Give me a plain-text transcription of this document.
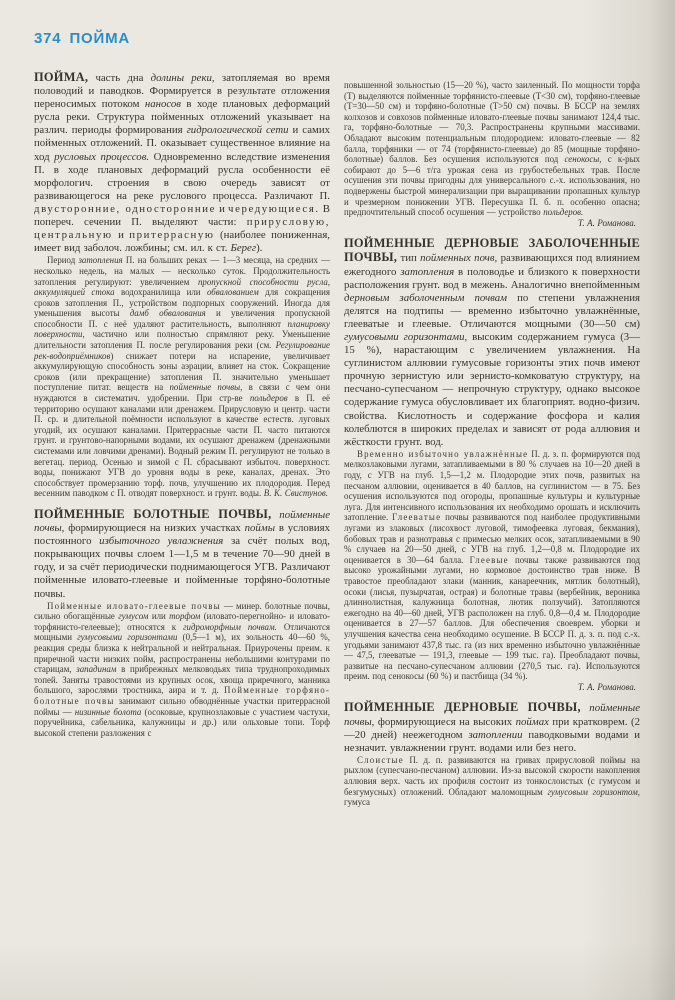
374 ПОЙМА

ПОЙМА, часть дна долины реки, затопляемая во время половодий и паводков. Формируется в результате отложения переносимых потоком наносов в ходе плановых деформаций русла реки. Структура пойменных отложений указывает на различ. периоды формирования гидрологической сети и самих пойменных отложений. П. оказывает существенное влияние на ход русловых процессов. Одновременно вследствие изменения П. в ходе плановых деформаций русла особенности её морфологич. строения в свою очередь зависят от развивающегося на реке руслового процесса. Различают П. двусторонние, односторонние и чередующиеся. В попереч. сечении П. выделяют части: прирусловую, центральную и притеррасную (наиболее пониженная, имеет вид заболоч. ложбины; см. ил. к ст. Берег).

Период затопления П. на больших реках — 1—3 месяца, на средних — несколько недель, на малых — несколько суток. Продолжительность затопления регулируют: увеличением пропускной способности русла, аккумуляцией стока водохранилища или обвалованием для сокращения сроков затопления П., устройством подпорных сооружений. Иногда для уменьшения высоты дамб обвалования и увеличения пропускной способности П. с неё удаляют растительность, выполняют планировку поверхности, частично или полностью спрямляют реку. Уменьшение длительности затопления П. после регулирования реки (см. Регулирование рек-водоприёмников) снижает потери на испарение, увеличивает аккумулирующую способность зоны аэрации, влияет на сток. Сокращение сроков (или прекращение) затопления П. значительно уменьшает поступление питат. веществ на пойменные почвы, в связи с чем они нуждаются в систематич. удобрении. При стр-ве польдеров в П. её территорию осушают каналами или дренажем. Прирусловую и центр. части П. ср. и длительной поёмности используют в качестве естеств. луговых угодий, их осушают каналами. Притеррасные части П. часто питаются грунт. и грунтово-напорными водами, их осушают дренажем (дренажными системами или ловчими дренами). Водный режим П. регулируют не только в вегетац. период. Осенью и зимой с П. сбрасывают избыточ. поверхност. воды, понижают УГВ до уровня воды в реке, каналах, дренах. Это способствует промерзанию торф. почв, улучшению их плодородия. Перед весенним паводком с П. отводят поверхност. и грунт. воды. В. К. Свистунов.

ПОЙМЕННЫЕ БОЛОТНЫЕ ПОЧВЫ, пойменные почвы, формирующиеся на низких участках поймы в условиях постоянного избыточного увлажнения за счёт полых вод, покрывающих почвы слоем 1—1,5 м в течение 70—90 дней в году, и за счёт периодически поднимающегося УГВ. Различают пойменные иловато-глеевые и пойменные торфяно-болотные почвы.

Пойменные иловато-глеевые почвы — минер. болотные почвы, сильно обогащённые гумусом или торфом (иловато-перегнойно- и иловато-торфянисто-гелеевые); относятся к гидроморфным почвам. Отличаются мощными гумусовыми горизонтами (0,5—1 м), их зольность 40—60 %, реакция среды близка к нейтральной и нейтральная. Приурочены преим. к приречной части низких пойм, распространены небольшими контурами по старицам, западинам в прибрежных мелководьях типа труднопроходимых топей. Заняты травостоями из крупных осок, хвоща приречного, манника большого, зарослями тростника, аира и т. д. Пойменные торфяно-болотные почвы занимают сильно обводнённые участки притеррасной поймы — низинные болота (осоковые, крупнозлаковые с участием частухи, поручейника, сабельника, калужницы и др.) или ольховые топи. Торф высокой степени разложения с

повышенной зольностью (15—20 %), часто заиленный. По мощности торфа (Т) выделяются пойменные торфянисто-глеевые (Т<30 см), торфяно-глеевые (Т=30—50 см) и торфяно-болотные (Т>50 см) почвы. В БССР на землях колхозов и совхозов пойменные иловато-глеевые почвы занимают 124,4 тыс. га, торфяно-болотные — 70,3. Распространены крупными массивами. Обладают высоким потенциальным плодородием: иловато-глеевые — 82 балла, торфяники — от 74 (торфянисто-глеевые) до 85 (мощные торфяно-болотные) баллов. Без осушения используются под сенокосы, с к-рых собирают до 5—6 т/га урожая сена из грубостебельных трав. После осушения эти почвы пригодны для универсального с.-х. использования, но подвержены быстрой минерализации при выращивании пропашных культур и чрезмерном понижении УГВ. Пересушка П. б. п. особенно опасна; предпочтительный способ осушения — устройство польдеров.

Т. А. Романова.

ПОЙМЕННЫЕ ДЕРНОВЫЕ ЗАБОЛОЧЕННЫЕ ПОЧВЫ, тип пойменных почв, развивающихся под влиянием ежегодного затопления в половодье и близкого к поверхности расположения грунт. вод в межень. Аналогично внепойменным дерновым заболоченным почвам по степени увлажнения делятся на подтипы — временно избыточно увлажнённые, глееватые и глеевые. Отличаются мощными (30—50 см) гумусовыми горизонтами, высоким содержанием гумуса (3—15 %), нарастающим с увеличением увлажнения. На суглинистом аллювии гумусовые горизонты этих почв имеют прочную зернистую или зернисто-комковатую структуру, на песчано-супесчаном — непрочную структуру, однако высокое содержание гумуса обусловливает их благоприят. водно-физич. свойства. Кислотность и содержание фосфора и калия колеблются в широких пределах и зависят от рода аллювия и жёсткости грунт. вод.

Временно избыточно увлажнённые П. д. з. п. формируются под мелкозлаковыми лугами, затапливаемыми в 80 % случаев на 10—20 дней в году, с УГВ на глуб. 1,5—1,2 м. Плодородие этих почв, развитых на песчаном аллювии, оценивается в 40 баллов, на суглинистом — в 75. Без осушения используются под огороды, пропашные культуры и культурные луга. Для интенсивного использования их необходимо орошать и исключить затопление. Глееватые почвы развиваются под наиболее продуктивными лугами из злаковых (лисохвост луговой, тимофеевка луговая, бекмания), бобовых трав и разнотравья с примесью мелких осок, затапливаемыми в 90 % случаев на 20—50 дней, с УГВ на глуб. 1,2—0,8 м. Плодородие их оценивается в 30—64 балла. Глеевые почвы также развиваются под высоко урожайными лугами, но кормовое достоинство трав ниже. В травостое преобладают злаки (манник, канареечник, мятлик болотный), осоки (лисья, пузырчатая, острая) и болотные травы (вербейник, вероника длиннолистная, калужница болотная, лютик ползучий). Затопляются ежегодно на 40—60 дней, УГВ расположен на глуб. 0,8—0,4 м. Плодородие оценивается в 27—57 баллов. Для обеспечения своеврем. уборки и улучшения качества сена необходимо осушение. В БССР П. д. з. п. под с.-х. угодьями занимают 437,8 тыс. га (из них временно избыточно увлажнённые — 47,5, глееватые — 191,3, глеевые — 199 тыс. га). Преобладают почвы, развитые на песчано-супесчаном аллювии (270,5 тыс. га). Используются преим. под сенокосы (60 %) и пастбища (34 %).

Т. А. Романова.

ПОЙМЕННЫЕ ДЕРНОВЫЕ ПОЧВЫ, пойменные почвы, формирующиеся на высоких поймах при кратковрем. (2—20 дней) неежегодном затоплении паводковыми водами и незначит. увлажнении грунт. водами или без него.

Слоистые П. д. п. развиваются на гривах прирусловой поймы на рыхлом (супесчано-песчаном) аллювии. Из-за высокой скорости накопления аллювия верх. часть их профиля состоит из тонкослоистых (с гумусом и безгумусных) отложений. Обладают маломощным гумусовым горизонтом, гумуса
